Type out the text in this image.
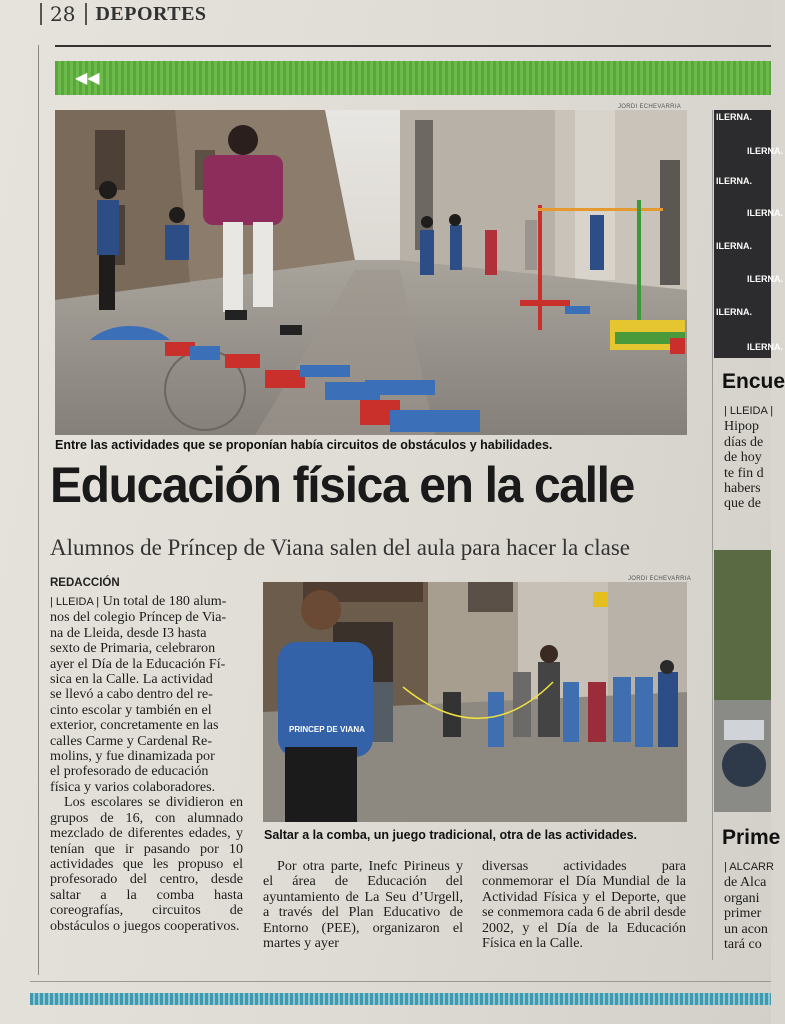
28	DEPORTES
◀◀
JORDI ECHEVARRIA
Entre las actividades que se proponían había circuitos de obstáculos y habilidades.
Educación física en la calle
Alumnos de Príncep de Viana salen del aula para hacer la clase
REDACCIÓN
| LLEIDA | Un total de 180 alum-
nos del colegio Príncep de Via-
na de Lleida, desde I3 hasta
sexto de Primaria, celebraron
ayer el Día de la Educación Fí-
sica en la Calle. La actividad
se llevó a cabo dentro del re-
cinto escolar y también en el
exterior, concretamente en las
calles Carme y Cardenal Re-
molins, y fue dinamizada por
el profesorado de educación
física y varios colaboradores.

Los escolares se dividieron en grupos de 16, con alumnado mezclado de diferentes edades, y tenían que ir pasando por 10 actividades que les propuso el profesorado del centro, desde saltar a la comba hasta coreografías, circuitos de obstáculos o juegos cooperativos.

JORDI ECHEVARRIA
PRINCEP DE VIANA
Saltar a la comba, un juego tradicional, otra de las actividades.

Por otra parte, Inefc Pirineus y el área de Educación del ayuntamiento de La Seu d’Urgell, a través del Plan Educativo de Entorno (PEE), organizaron el martes y ayer

diversas actividades para conmemorar el Día Mundial de la Actividad Física y el Deporte, que se conmemora cada 6 de abril desde 2002, y el Día de la Educación Física en la Calle.

ILERNA.
ILERNA.
ILERNA.
ILERNA.
ILERNA.
ILERNA.
ILERNA.
ILERNA.
Encue
| LLEIDA |
Hipop
días de
de hoy
te fin d
habers
que de
Prime
| ALCARR
de Alca
organi
primer
un acon
tará co
